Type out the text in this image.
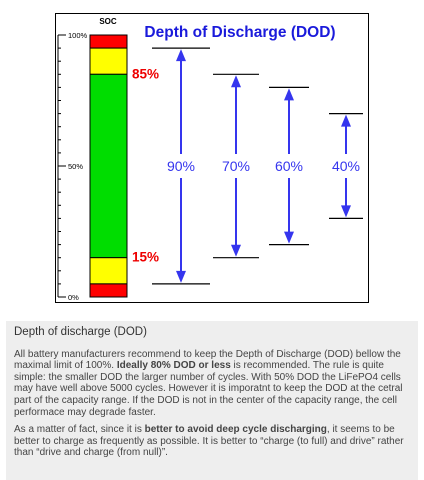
Depth of Discharge (DOD)
SOC
100%
50%
0%
85%
15%
90% 70% 60% 40%
Depth of discharge (DOD)

All battery manufacturers recommend to keep the Depth of Discharge (DOD) bellow the maximal limit of 100%. Ideally 80% DOD or less is recommended. The rule is quite simple: the smaller DOD the larger number of cycles. With 50% DOD the LiFePO4 cells may have well above 5000 cycles. However it is imporatnt to keep the DOD at the cetral part of the capacity range. If the DOD is not in the center of the capacity range, the cell performace may degrade faster.

As a matter of fact, since it is better to avoid deep cycle discharging, it seems to be better to charge as frequently as possible. It is better to “charge (to full) and drive” rather than “drive and charge (from null)”.
